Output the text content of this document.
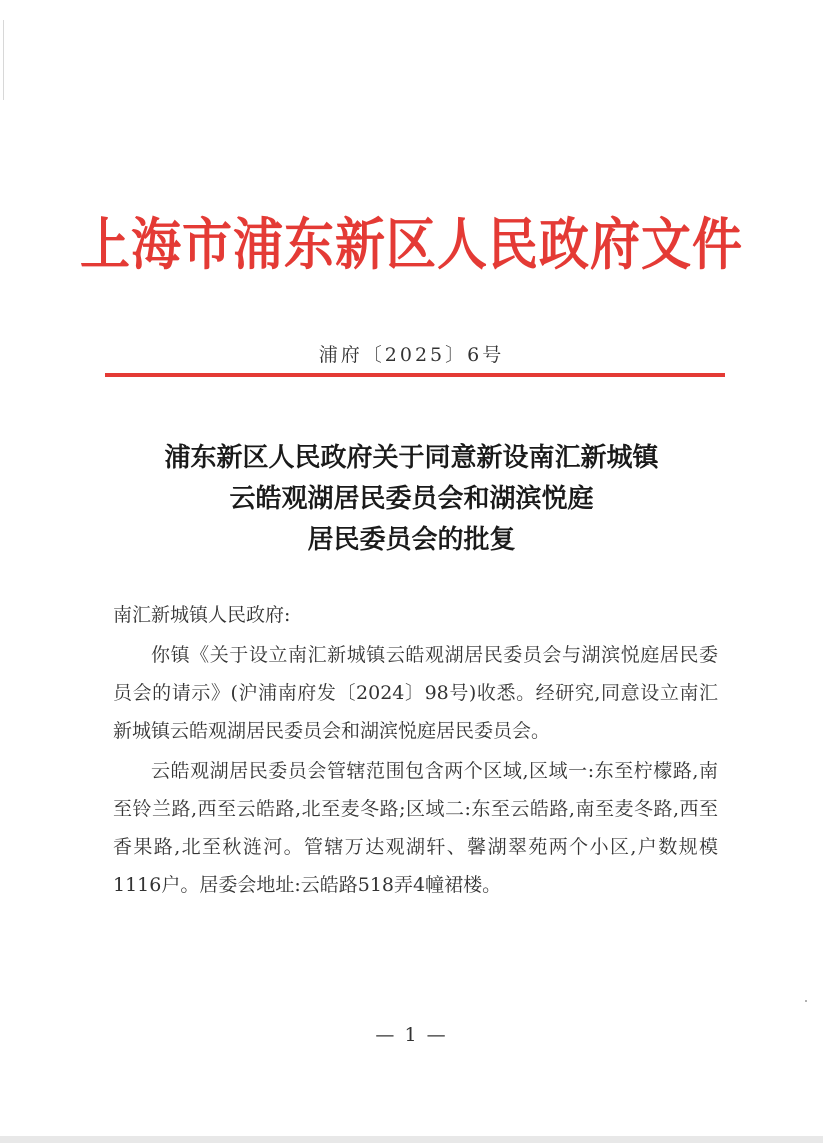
上海市浦东新区人民政府文件
浦府〔2025〕6号
浦东新区人民政府关于同意新设南汇新城镇
云皓观湖居民委员会和湖滨悦庭
居民委员会的批复

南汇新城镇人民政府:

你镇《关于设立南汇新城镇云皓观湖居民委员会与湖滨悦庭居民委员会的请示》(沪浦南府发〔2024〕98号)收悉。经研究,同意设立南汇新城镇云皓观湖居民委员会和湖滨悦庭居民委员会。

云皓观湖居民委员会管辖范围包含两个区域,区域一:东至柠檬路,南至铃兰路,西至云皓路,北至麦冬路;区域二:东至云皓路,南至麦冬路,西至香果路,北至秋涟河。管辖万达观湖轩、馨湖翠苑两个小区,户数规模1116户。居委会地址:云皓路518弄4幢裙楼。

— 1 —
